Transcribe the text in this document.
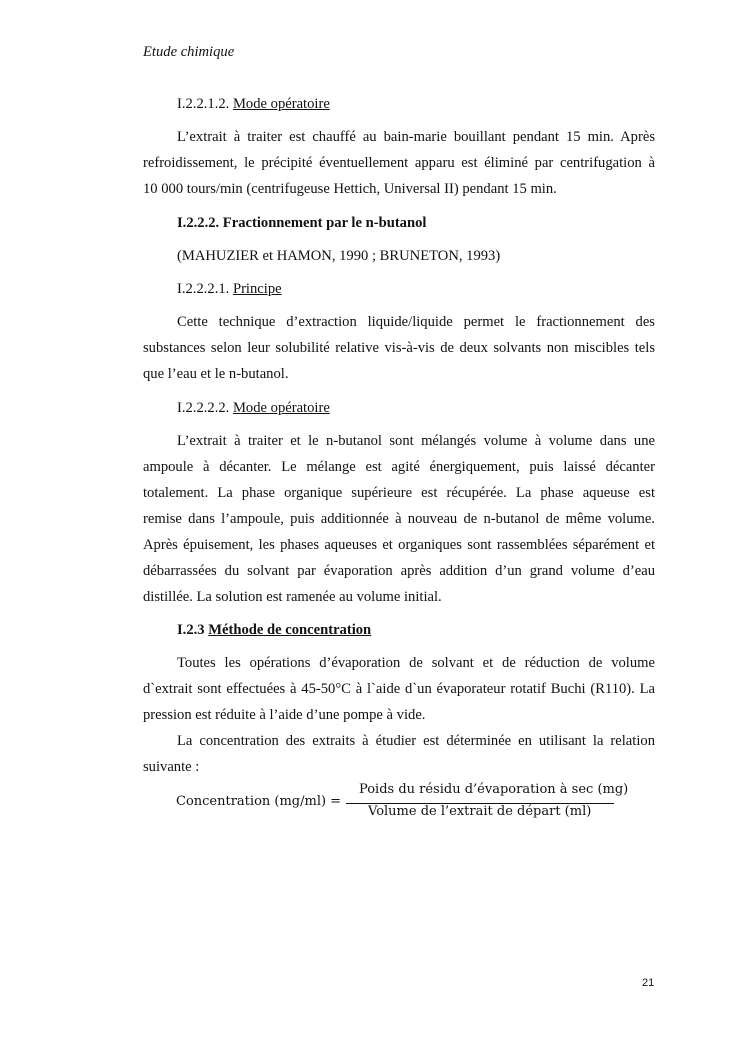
Etude chimique
I.2.2.1.2. Mode opératoire
L’extrait à traiter est chauffé au bain-marie bouillant pendant 15 min. Après
refroidissement, le précipité éventuellement apparu est éliminé par centrifugation à
10 000 tours/min (centrifugeuse Hettich, Universal II) pendant 15 min.
I.2.2.2. Fractionnement par le n-butanol
(MAHUZIER et HAMON, 1990 ; BRUNETON, 1993)
I.2.2.2.1. Principe
Cette technique d’extraction liquide/liquide permet le fractionnement des
substances selon leur solubilité relative vis-à-vis de deux solvants non miscibles tels
que l’eau et le n-butanol.
I.2.2.2.2. Mode opératoire
L’extrait à traiter et le n-butanol sont mélangés volume à volume dans une
ampoule à décanter. Le mélange est agité énergiquement, puis laissé décanter
totalement. La phase organique supérieure est récupérée. La phase aqueuse est
remise dans l’ampoule, puis additionnée à nouveau de n-butanol de même volume.
Après épuisement, les phases aqueuses et organiques sont rassemblées séparément et
débarrassées du solvant par évaporation après addition d’un grand volume d’eau
distillée. La solution est ramenée au volume initial.
I.2.3 Méthode de concentration
Toutes les opérations d’évaporation de solvant et de réduction de volume
d`extrait sont effectuées à 45-50°C à l`aide d`un évaporateur rotatif Buchi (R110). La
pression est réduite à l’aide d’une pompe à vide.
La concentration des extraits à étudier est déterminée en utilisant la relation
suivante :
Concentration (mg/ml) =
Poids du résidu d’évaporation à sec (mg)
Volume de l’extrait de départ (ml)
21
